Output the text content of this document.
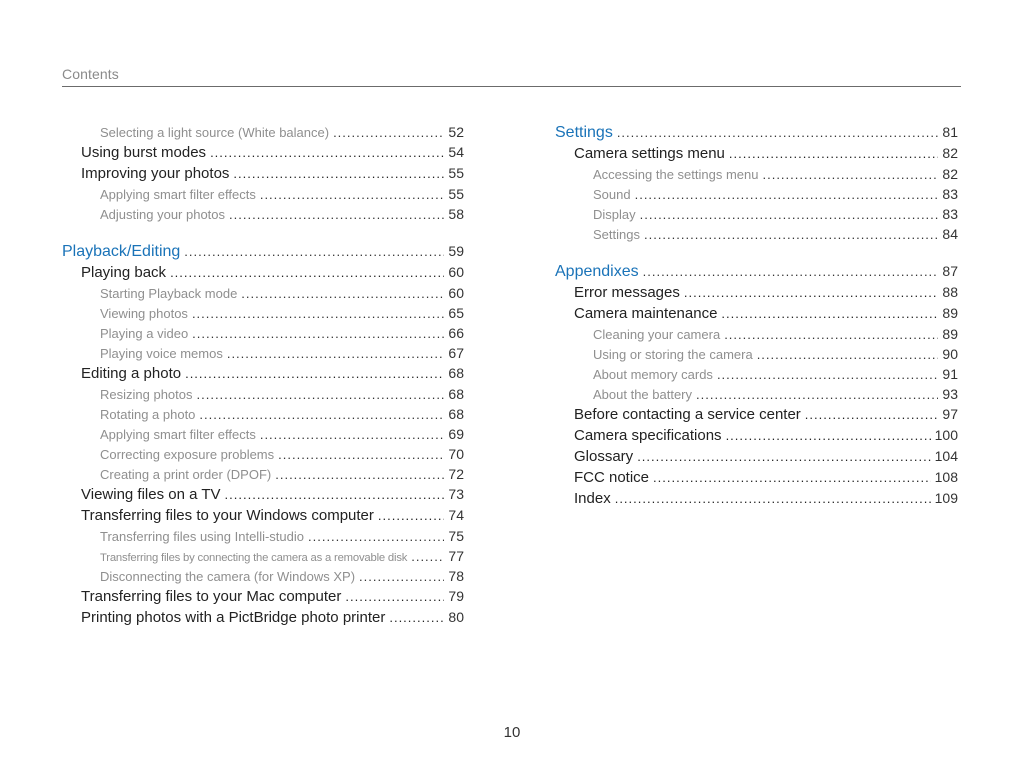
Contents
Selecting a light source (White balance) .....	52
Using burst modes .....	54
Improving your photos .....	55
Applying smart filter effects .....	55
Adjusting your photos .....	58
Playback/Editing .....	59
Playing back .....	60
Starting Playback mode .....	60
Viewing photos .....	65
Playing a video .....	66
Playing voice memos .....	67
Editing a photo .....	68
Resizing photos .....	68
Rotating a photo .....	68
Applying smart filter effects .....	69
Correcting exposure problems .....	70
Creating a print order (DPOF) .....	72
Viewing files on a TV .....	73
Transferring files to your Windows computer .....	74
Transferring files using Intelli-studio .....	75
Transferring files by connecting the camera as a removable disk .....	77
Disconnecting the camera (for Windows XP) .....	78
Transferring files to your Mac computer .....	79
Printing photos with a PictBridge photo printer .....	80
Settings .....	81
Camera settings menu .....	82
Accessing the settings menu .....	82
Sound .....	83
Display .....	83
Settings .....	84
Appendixes .....	87
Error messages .....	88
Camera maintenance .....	89
Cleaning your camera .....	89
Using or storing the camera .....	90
About memory cards .....	91
About the battery .....	93
Before contacting a service center .....	97
Camera specifications .....	100
Glossary .....	104
FCC notice .....	108
Index .....	109
10
